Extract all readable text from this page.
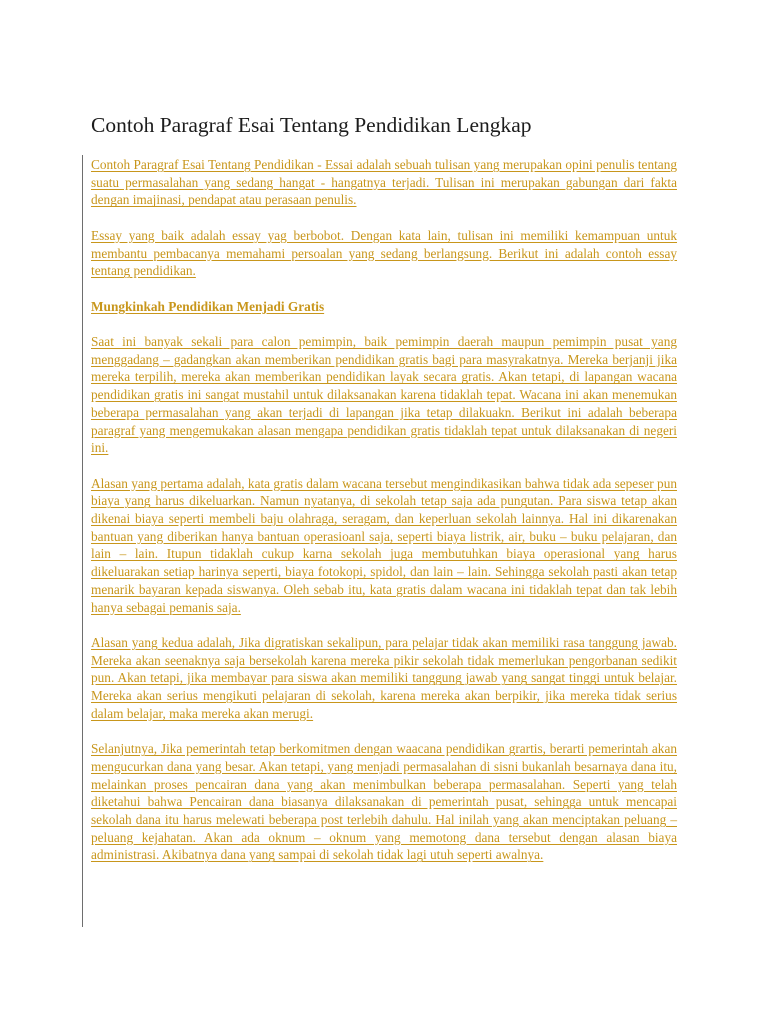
Contoh Paragraf Esai Tentang Pendidikan Lengkap

Contoh Paragraf Esai Tentang Pendidikan - Essai adalah sebuah tulisan yang merupakan opini penulis tentang suatu permasalahan yang sedang hangat - hangatnya terjadi. Tulisan ini merupakan gabungan dari fakta dengan imajinasi, pendapat atau perasaan penulis.

Essay yang baik adalah essay yag berbobot. Dengan kata lain, tulisan ini memiliki kemampuan untuk membantu pembacanya memahami persoalan yang sedang berlangsung. Berikut ini adalah contoh essay tentang pendidikan.

Mungkinkah Pendidikan Menjadi Gratis

Saat ini banyak sekali para calon pemimpin, baik pemimpin daerah maupun pemimpin pusat yang menggadang – gadangkan akan memberikan pendidikan gratis bagi para masyrakatnya. Mereka berjanji jika mereka terpilih, mereka akan memberikan pendidikan layak secara gratis. Akan tetapi, di lapangan wacana pendidikan gratis ini sangat mustahil untuk dilaksanakan karena tidaklah tepat. Wacana ini akan menemukan beberapa permasalahan yang akan terjadi di lapangan jika tetap dilakuakn. Berikut ini adalah beberapa paragraf yang mengemukakan alasan mengapa pendidikan gratis tidaklah tepat untuk dilaksanakan di negeri ini.

Alasan yang pertama adalah, kata gratis dalam wacana tersebut mengindikasikan bahwa tidak ada sepeser pun biaya yang harus dikeluarkan. Namun nyatanya, di sekolah tetap saja ada pungutan. Para siswa tetap akan dikenai biaya seperti membeli baju olahraga, seragam, dan keperluan sekolah lainnya. Hal ini dikarenakan bantuan yang diberikan hanya bantuan operasioanl saja, seperti biaya listrik, air, buku – buku pelajaran, dan lain – lain. Itupun tidaklah cukup karna sekolah juga membutuhkan biaya operasional yang harus dikeluarakan setiap harinya seperti, biaya fotokopi, spidol, dan lain – lain. Sehingga sekolah pasti akan tetap menarik bayaran kepada siswanya. Oleh sebab itu, kata gratis dalam wacana ini tidaklah tepat dan tak lebih hanya sebagai pemanis saja.

Alasan yang kedua adalah, Jika digratiskan sekalipun, para pelajar tidak akan memiliki rasa tanggung jawab. Mereka akan seenaknya saja bersekolah karena mereka pikir sekolah tidak memerlukan pengorbanan sedikit pun. Akan tetapi, jika membayar para siswa akan memiliki tanggung jawab yang sangat tinggi untuk belajar. Mereka akan serius mengikuti pelajaran di sekolah, karena mereka akan berpikir, jika mereka tidak serius dalam belajar, maka mereka akan merugi.

Selanjutnya, Jika pemerintah tetap berkomitmen dengan waacana pendidikan grartis, berarti pemerintah akan mengucurkan dana yang besar. Akan tetapi, yang menjadi permasalahan di sisni bukanlah besarnaya dana itu, melainkan proses pencairan dana yang akan menimbulkan beberapa permasalahan. Seperti yang telah diketahui bahwa Pencairan dana biasanya dilaksanakan di pemerintah pusat, sehingga untuk mencapai sekolah dana itu harus melewati beberapa post terlebih dahulu. Hal inilah yang akan menciptakan peluang – peluang kejahatan. Akan ada oknum – oknum yang memotong dana tersebut dengan alasan biaya administrasi. Akibatnya dana yang sampai di sekolah tidak lagi utuh seperti awalnya.
